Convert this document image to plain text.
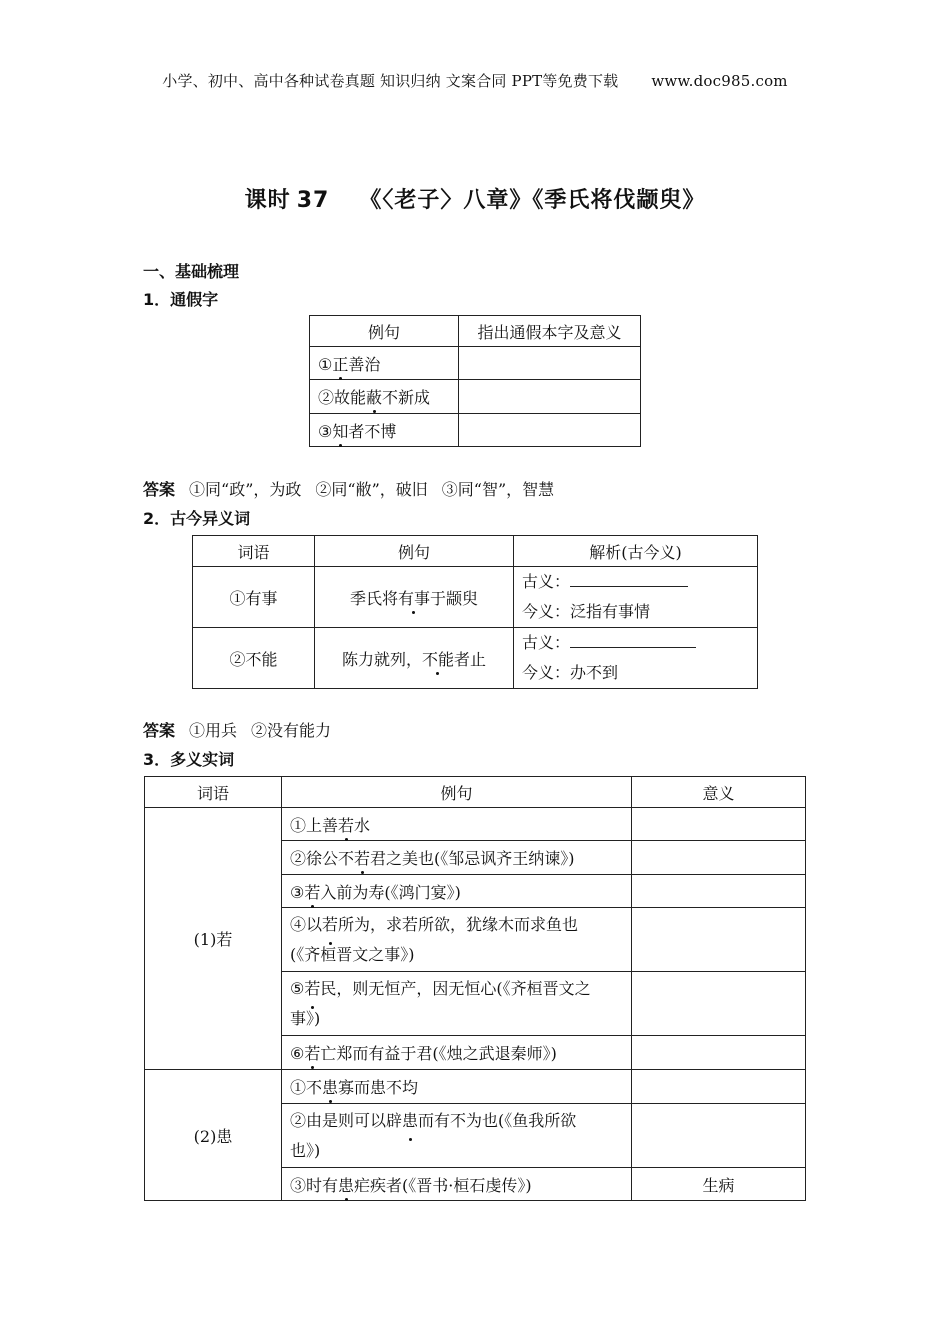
小学、初中、高中各种试卷真题 知识归纳 文案合同 PPT等免费下载 www.doc985.com
课时 37 《〈老子〉八章》《季氏将伐颛臾》
一、基础梳理
1．通假字
例句	指出通假本字及意义
①正善治	
②故能蔽不新成	
③知者不博	
答案 ①同“政”，为政 ②同“敝”，破旧 ③同“智”，智慧
2．古今异义词
词语	例句	解析(古今义)
①有事	季氏将有事于颛臾	古义：
今义：泛指有事情

②不能	陈力就列，不能者止	古义：
今义：办不到
答案 ①用兵 ②没有能力
3．多义实词
词语	例句	意义
(1)若	①上善若水	
	②徐公不若君之美也(《邹忌讽齐王纳谏》)	
	③若入前为寿(《鸿门宴》)	

	④以若所为，求若所欲，犹缘木而求鱼也
(《齐桓晋文之事》)	

	⑤若民，则无恒产，因无恒心(《齐桓晋文之
事》)	

	⑥若亡郑而有益于君(《烛之武退秦师》)	
(2)患	①不患寡而患不均	

	②由是则可以辟患而有不为也(《鱼我所欲
也》)	

	③时有患疟疾者(《晋书·桓石虔传》)	生病
